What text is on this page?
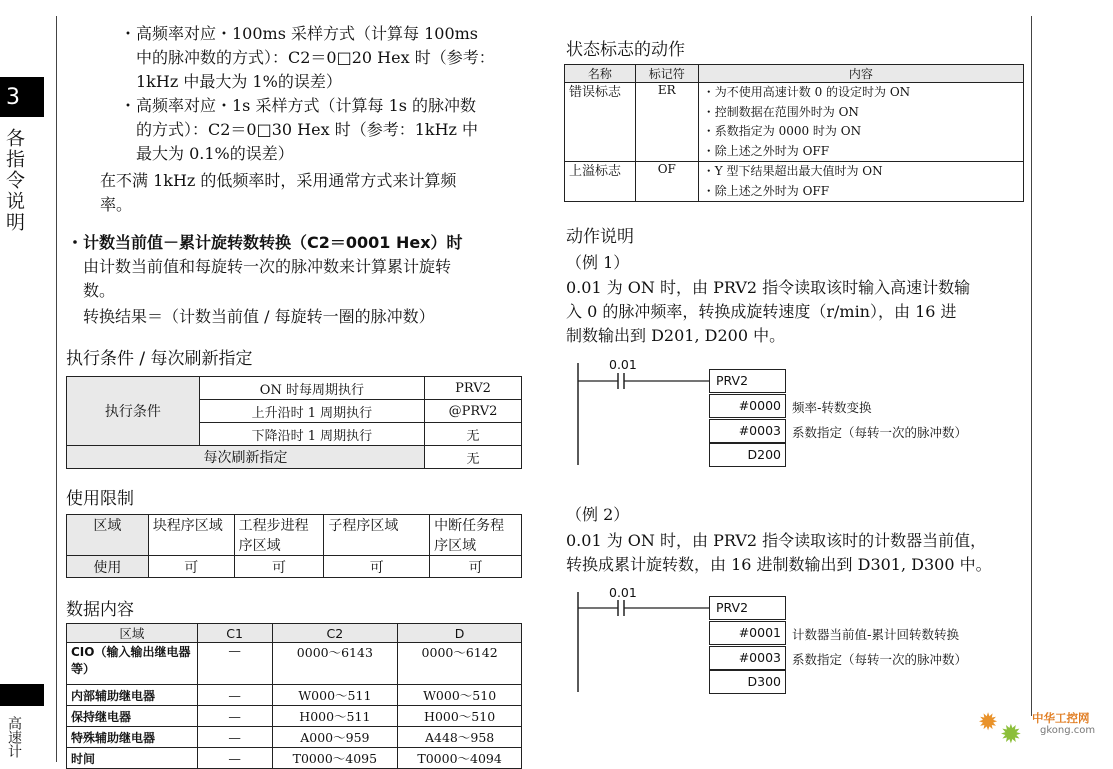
3
各指令说明
高速计
・高频率对应・100ms 采样方式（计算每 100ms
中的脉冲数的方式）：C2＝0□20 Hex 时（参考：
1kHz 中最大为 1%的误差）
・高频率对应・1s 采样方式（计算每 1s 的脉冲数
的方式）：C2＝0□30 Hex 时（参考：1kHz 中
最大为 0.1%的误差）
在不满 1kHz 的低频率时，采用通常方式来计算频
率。
・计数当前值－累计旋转数转换（C2＝0001 Hex）时
由计数当前值和每旋转一次的脉冲数来计算累计旋转
数。
转换结果＝（计数当前值 / 每旋转一圈的脉冲数）
执行条件 / 每次刷新指定
执行条件	ON 时每周期执行	PRV2
	上升沿时 1 周期执行	@PRV2
	下降沿时 1 周期执行	无
每次刷新指定		无
使用限制
区域	块程序区域	工程步进程序区域	子程序区域	中断任务程序区域
使用	可	可	可	可
数据内容
区域	C1	C2	D
CIO（输入输出继电器等）	—	0000～6143	0000～6142
内部辅助继电器	—	W000～511	W000～510
保持继电器	—	H000～511	H000～510
特殊辅助继电器	—	A000～959	A448～958
时间	—	T0000～4095	T0000～4094
状态标志的动作
名称	标记符	内容
错误标志	ER	・为不使用高速计数 0 的设定时为 ON
・控制数据在范围外时为 ON
・系数指定为 0000 时为 ON
・除上述之外时为 OFF

上溢标志	OF	・Y 型下结果超出最大值时为 ON
・除上述之外时为 OFF
动作说明
（例 1）
0.01 为 ON 时，由 PRV2 指令读取该时输入高速计数输
入 0 的脉冲频率，转换成旋转速度（r/min），由 16 进
制数输出到 D201, D200 中。
0.01
PRV2
#0000
#0003
D200
频率-转数变换
系数指定（每转一次的脉冲数）
（例 2）
0.01 为 ON 时，由 PRV2 指令读取该时的计数器当前值，
转换成累计旋转数，由 16 进制数输出到 D301, D300 中。
0.01
PRV2
#0001
#0003
D300
计数器当前值-累计回转数转换
系数指定（每转一次的脉冲数）
✹ ✹
中华工控网
gkong.com
